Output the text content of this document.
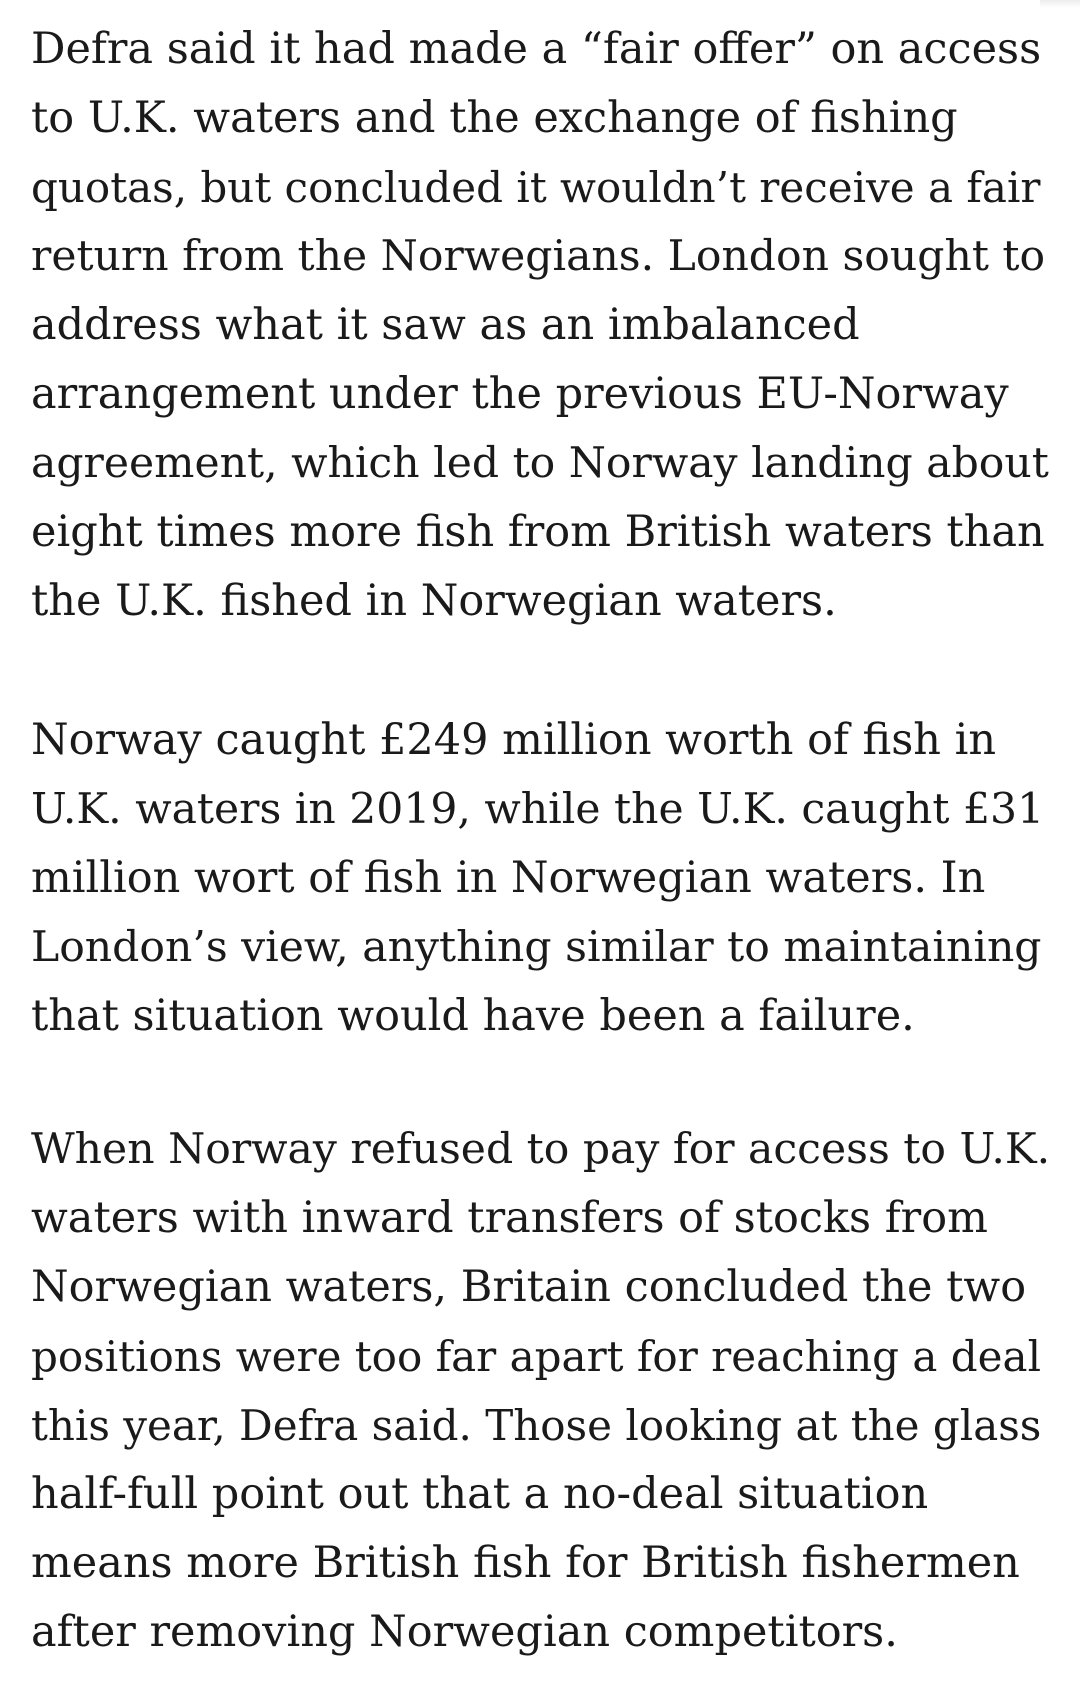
Defra said it had made a “fair offer” on access
to U.K. waters and the exchange of fishing
quotas, but concluded it wouldn’t receive a fair
return from the Norwegians. London sought to
address what it saw as an imbalanced
arrangement under the previous EU-Norway
agreement, which led to Norway landing about
eight times more fish from British waters than
the U.K. fished in Norwegian waters.

Norway caught £249 million worth of fish in
U.K. waters in 2019, while the U.K. caught £31
million wort of fish in Norwegian waters. In
London’s view, anything similar to maintaining
that situation would have been a failure.

When Norway refused to pay for access to U.K.
waters with inward transfers of stocks from
Norwegian waters, Britain concluded the two
positions were too far apart for reaching a deal
this year, Defra said. Those looking at the glass
half-full point out that a no-deal situation
means more British fish for British fishermen
after removing Norwegian competitors.
